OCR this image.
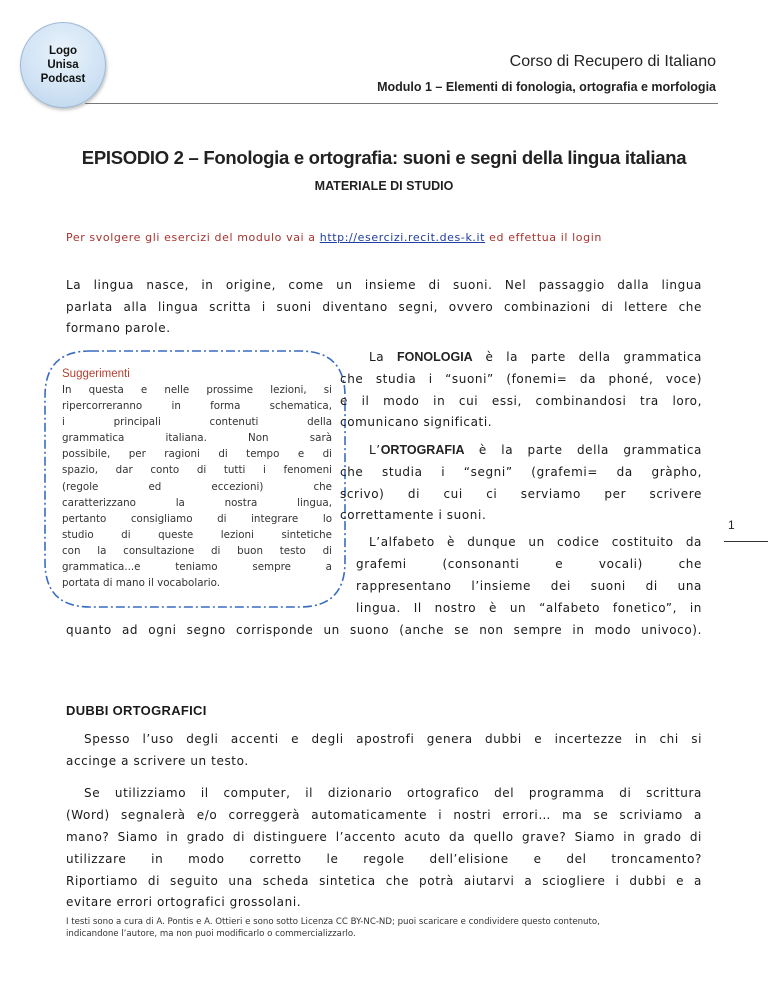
Logo
Unisa
Podcast
Corso di Recupero di Italiano
Modulo 1 – Elementi di fonologia, ortografia e morfologia
EPISODIO 2 – Fonologia e ortografia: suoni e segni della lingua italiana
MATERIALE DI STUDIO
Per svolgere gli esercizi del modulo vai a http://esercizi.recit.des-k.it ed effettua il login
La lingua nasce, in origine, come un insieme di suoni. Nel passaggio dalla lingua
parlata alla lingua scritta i suoni diventano segni, ovvero combinazioni di lettere che
formano parole.
Suggerimenti
In questa e nelle prossime lezioni, si
ripercorreranno in forma schematica,
i principali contenuti della
grammatica italiana. Non sarà
possibile, per ragioni di tempo e di
spazio, dar conto di tutti i fenomeni
(regole ed eccezioni) che
caratterizzano la nostra lingua,
pertanto consigliamo di integrare lo
studio di queste lezioni sintetiche
con la consultazione di buon testo di
grammatica...e teniamo sempre a
portata di mano il vocabolario.
La FONOLOGIA è la parte della grammatica
che studia i “suoni” (fonemi= da phoné, voce)
e il modo in cui essi, combinandosi tra loro,
comunicano significati.
L’ORTOGRAFIA è la parte della grammatica
che studia i “segni” (grafemi= da gràpho,
scrivo) di cui ci serviamo per scrivere
correttamente i suoni.
L’alfabeto è dunque un codice costituito da
grafemi (consonanti e vocali) che
rappresentano l’insieme dei suoni di una
lingua. Il nostro è un “alfabeto fonetico”, in
quanto ad ogni segno corrisponde un suono (anche se non sempre in modo univoco).
1
DUBBI ORTOGRAFICI
Spesso l’uso degli accenti e degli apostrofi genera dubbi e incertezze in chi si
accinge a scrivere un testo.
Se utilizziamo il computer, il dizionario ortografico del programma di scrittura
(Word) segnalerà e/o correggerà automaticamente i nostri errori… ma se scriviamo a
mano? Siamo in grado di distinguere l’accento acuto da quello grave? Siamo in grado di
utilizzare in modo corretto le regole dell’elisione e del troncamento?
Riportiamo di seguito una scheda sintetica che potrà aiutarvi a sciogliere i dubbi e a
evitare errori ortografici grossolani.
I testi sono a cura di A. Pontis e A. Ottieri e sono sotto Licenza CC BY-NC-ND; puoi scaricare e condividere questo contenuto,
indicandone l’autore, ma non puoi modificarlo o commercializzarlo.
